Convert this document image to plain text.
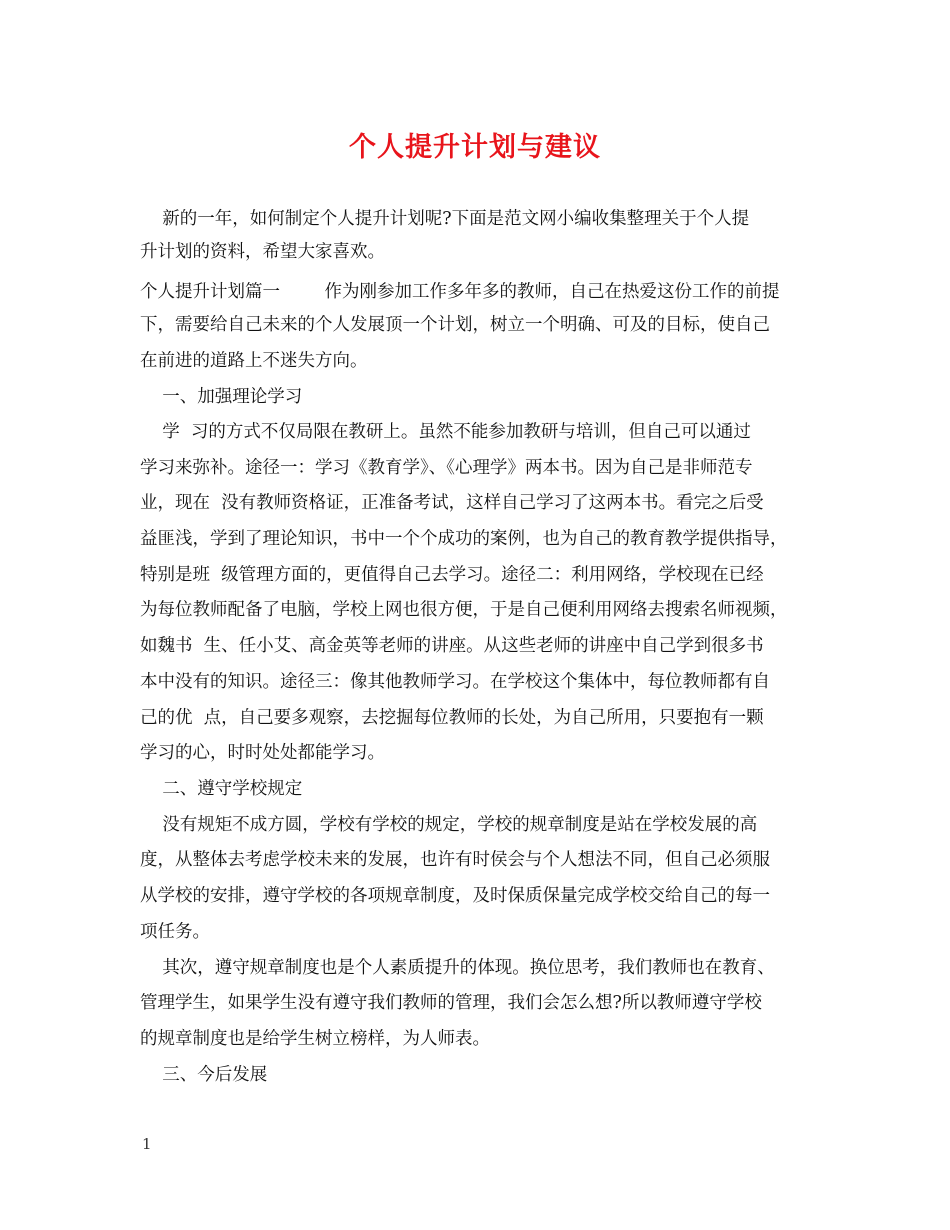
个人提升计划与建议
新的一年，如何制定个人提升计划呢?下面是范文网小编收集整理关于个人提
升计划的资料，希望大家喜欢。
个人提升计划篇一        作为刚参加工作多年多的教师，自己在热爱这份工作的前提
下，需要给自己未来的个人发展顶一个计划，树立一个明确、可及的目标，使自己
在前进的道路上不迷失方向。
一、加强理论学习
学  习的方式不仅局限在教研上。虽然不能参加教研与培训，但自己可以通过
学习来弥补。途径一：学习《教育学》、《心理学》两本书。因为自己是非师范专
业，现在  没有教师资格证，正准备考试，这样自己学习了这两本书。看完之后受
益匪浅，学到了理论知识，书中一个个成功的案例，也为自己的教育教学提供指导，
特别是班  级管理方面的，更值得自己去学习。途径二：利用网络，学校现在已经
为每位教师配备了电脑，学校上网也很方便，于是自己便利用网络去搜索名师视频，
如魏书  生、任小艾、高金英等老师的讲座。从这些老师的讲座中自己学到很多书
本中没有的知识。途径三：像其他教师学习。在学校这个集体中，每位教师都有自
己的优  点，自己要多观察，去挖掘每位教师的长处，为自己所用，只要抱有一颗
学习的心，时时处处都能学习。
二、遵守学校规定
没有规矩不成方圆，学校有学校的规定，学校的规章制度是站在学校发展的高
度，从整体去考虑学校未来的发展，也许有时侯会与个人想法不同，但自己必须服
从学校的安排，遵守学校的各项规章制度，及时保质保量完成学校交给自己的每一
项任务。
其次，遵守规章制度也是个人素质提升的体现。换位思考，我们教师也在教育、
管理学生，如果学生没有遵守我们教师的管理，我们会怎么想?所以教师遵守学校
的规章制度也是给学生树立榜样，为人师表。
三、今后发展
1
